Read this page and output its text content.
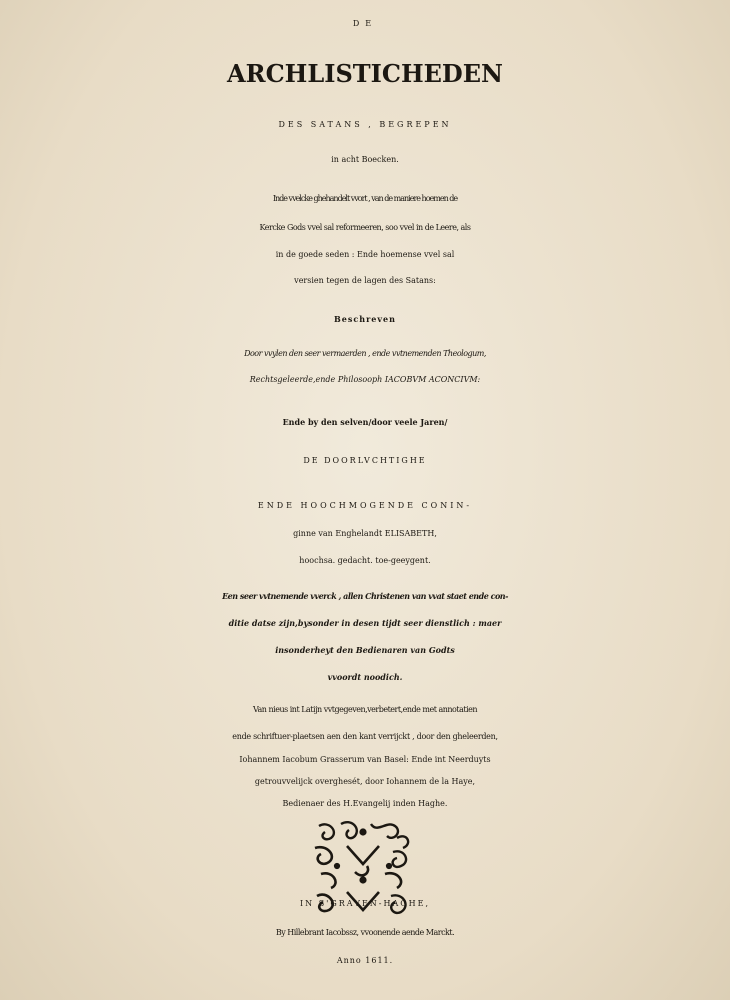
DE

ARCHLISTICHEDEN

DES SATANS , BEGREPEN

in acht Boecken.

Inde vvelcke ghehandelt vvort , van de maniere hoemen de

Kercke Gods vvel sal reformeeren, soo vvel in de Leere, als

in de goede seden : Ende hoemense vvel sal

versien tegen de lagen des Satans:

Beschreven

Door vvylen den seer vermaerden , ende vvtnemenden Theologum,

Rechtsgeleerde,ende Philosooph IACOBVM ACONCIVM:

Ende by den selven/door veele Jaren/

DE DOORLVCHTIGHE

ENDE HOOCHMOGENDE CONIN-

ginne van Enghelandt ELISABETH,

hoochsa. gedacht. toe-geeygent.

Een seer vvtnemende vverck , allen Christenen van vvat staet ende con-

ditie datse zijn,bysonder in desen tijdt seer dienstlich : maer

insonderheyt den Bedienaren van Godts

vvoordt noodich.

Van nieus int Latijn vvtgegeven,verbetert,ende met annotatien

ende schriftuer-plaetsen aen den kant verrijckt , door den gheleerden,

Iohannem Iacobum Grasserum van Basel: Ende int Neerduyts

getrouvvelijck overghesét, door Iohannem de la Haye,

Bedienaer des H.Evangelij inden Haghe.

IN S'GRAVEN-HAGHE,

By Hillebrant Iacobssz, vvoonende aende Marckt.

Anno 1611.
